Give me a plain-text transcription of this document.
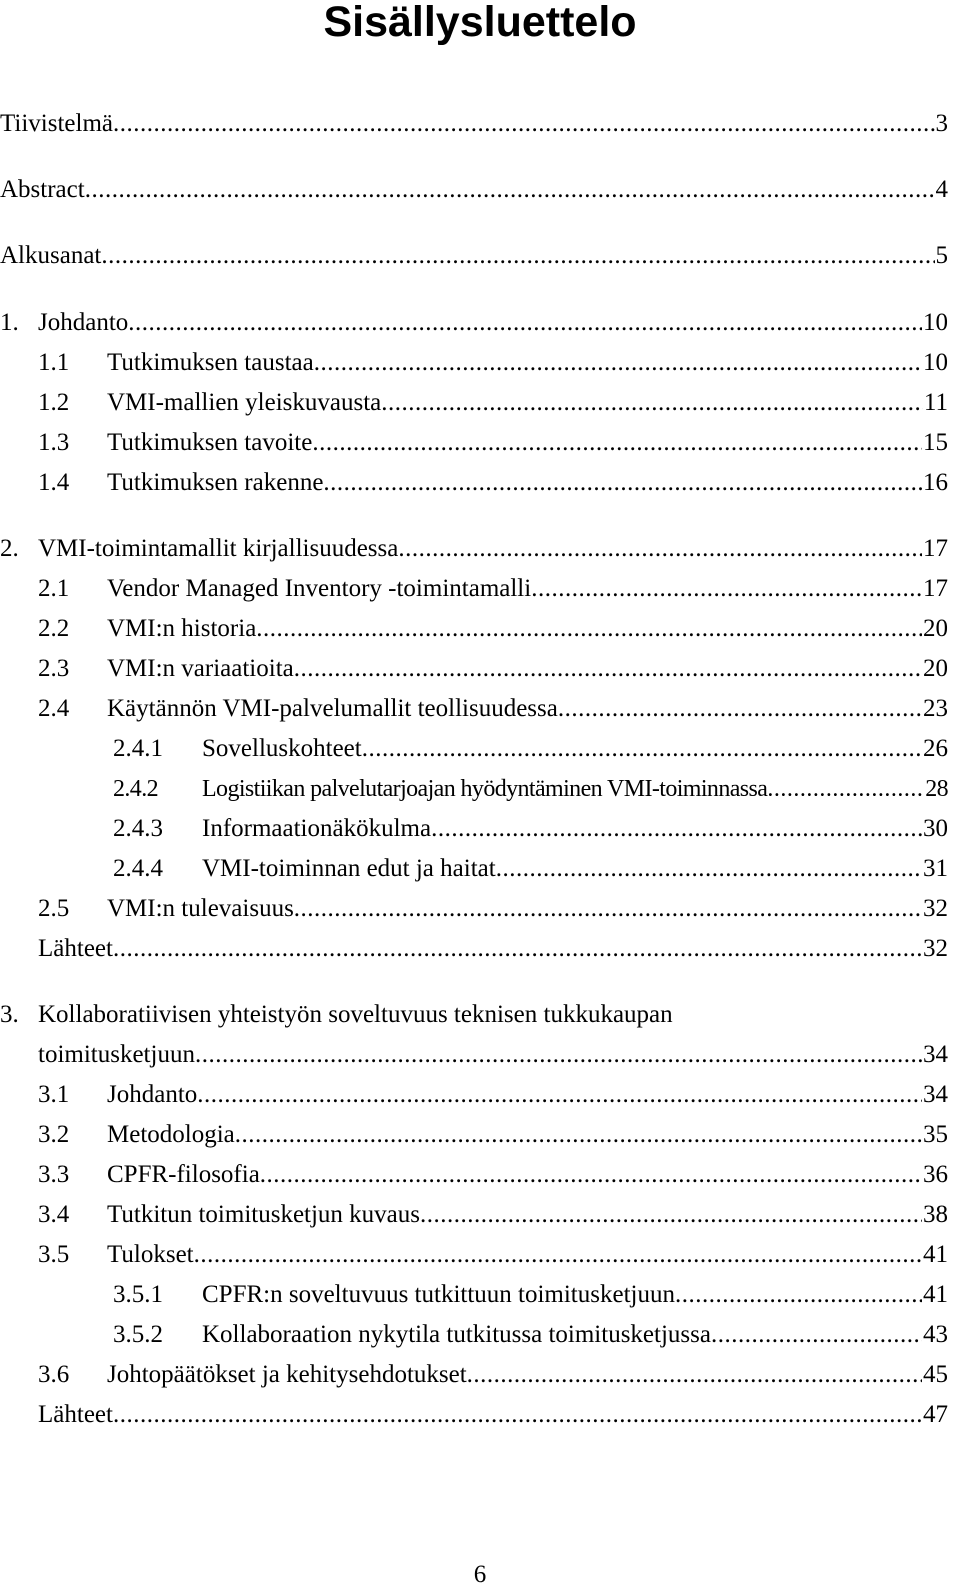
Sisällysluettelo
Tiivistelmä .....	3
Abstract .....	4
Alkusanat .....	5
1. Johdanto .....	10
1.1	Tutkimuksen taustaa .....	10
1.2	VMI-mallien yleiskuvausta .....	11
1.3	Tutkimuksen tavoite .....	15
1.4	Tutkimuksen rakenne .....	16
2. VMI-toimintamallit kirjallisuudessa .....	17
2.1	Vendor Managed Inventory -toimintamalli .....	17
2.2	VMI:n historia .....	20
2.3	VMI:n variaatioita .....	20
2.4	Käytännön VMI-palvelumallit teollisuudessa .....	23
2.4.1	Sovelluskohteet .....	26
2.4.2	Logistiikan palvelutarjoajan hyödyntäminen VMI-toiminnassa .....	28
2.4.3	Informaationäkökulma .....	30
2.4.4	VMI-toiminnan edut ja haitat .....	31
2.5	VMI:n tulevaisuus .....	32
Lähteet .....	32
3. Kollaboratiivisen yhteistyön soveltuvuus teknisen tukkukaupan
toimitusketjuun .....	34
3.1	Johdanto .....	34
3.2	Metodologia .....	35
3.3	CPFR-filosofia .....	36
3.4	Tutkitun toimitusketjun kuvaus .....	38
3.5	Tulokset .....	41
3.5.1	CPFR:n soveltuvuus tutkittuun toimitusketjuun .....	41
3.5.2	Kollaboraation nykytila tutkitussa toimitusketjussa .....	43
3.6	Johtopäätökset ja kehitysehdotukset .....	45
Lähteet .....	47
6
